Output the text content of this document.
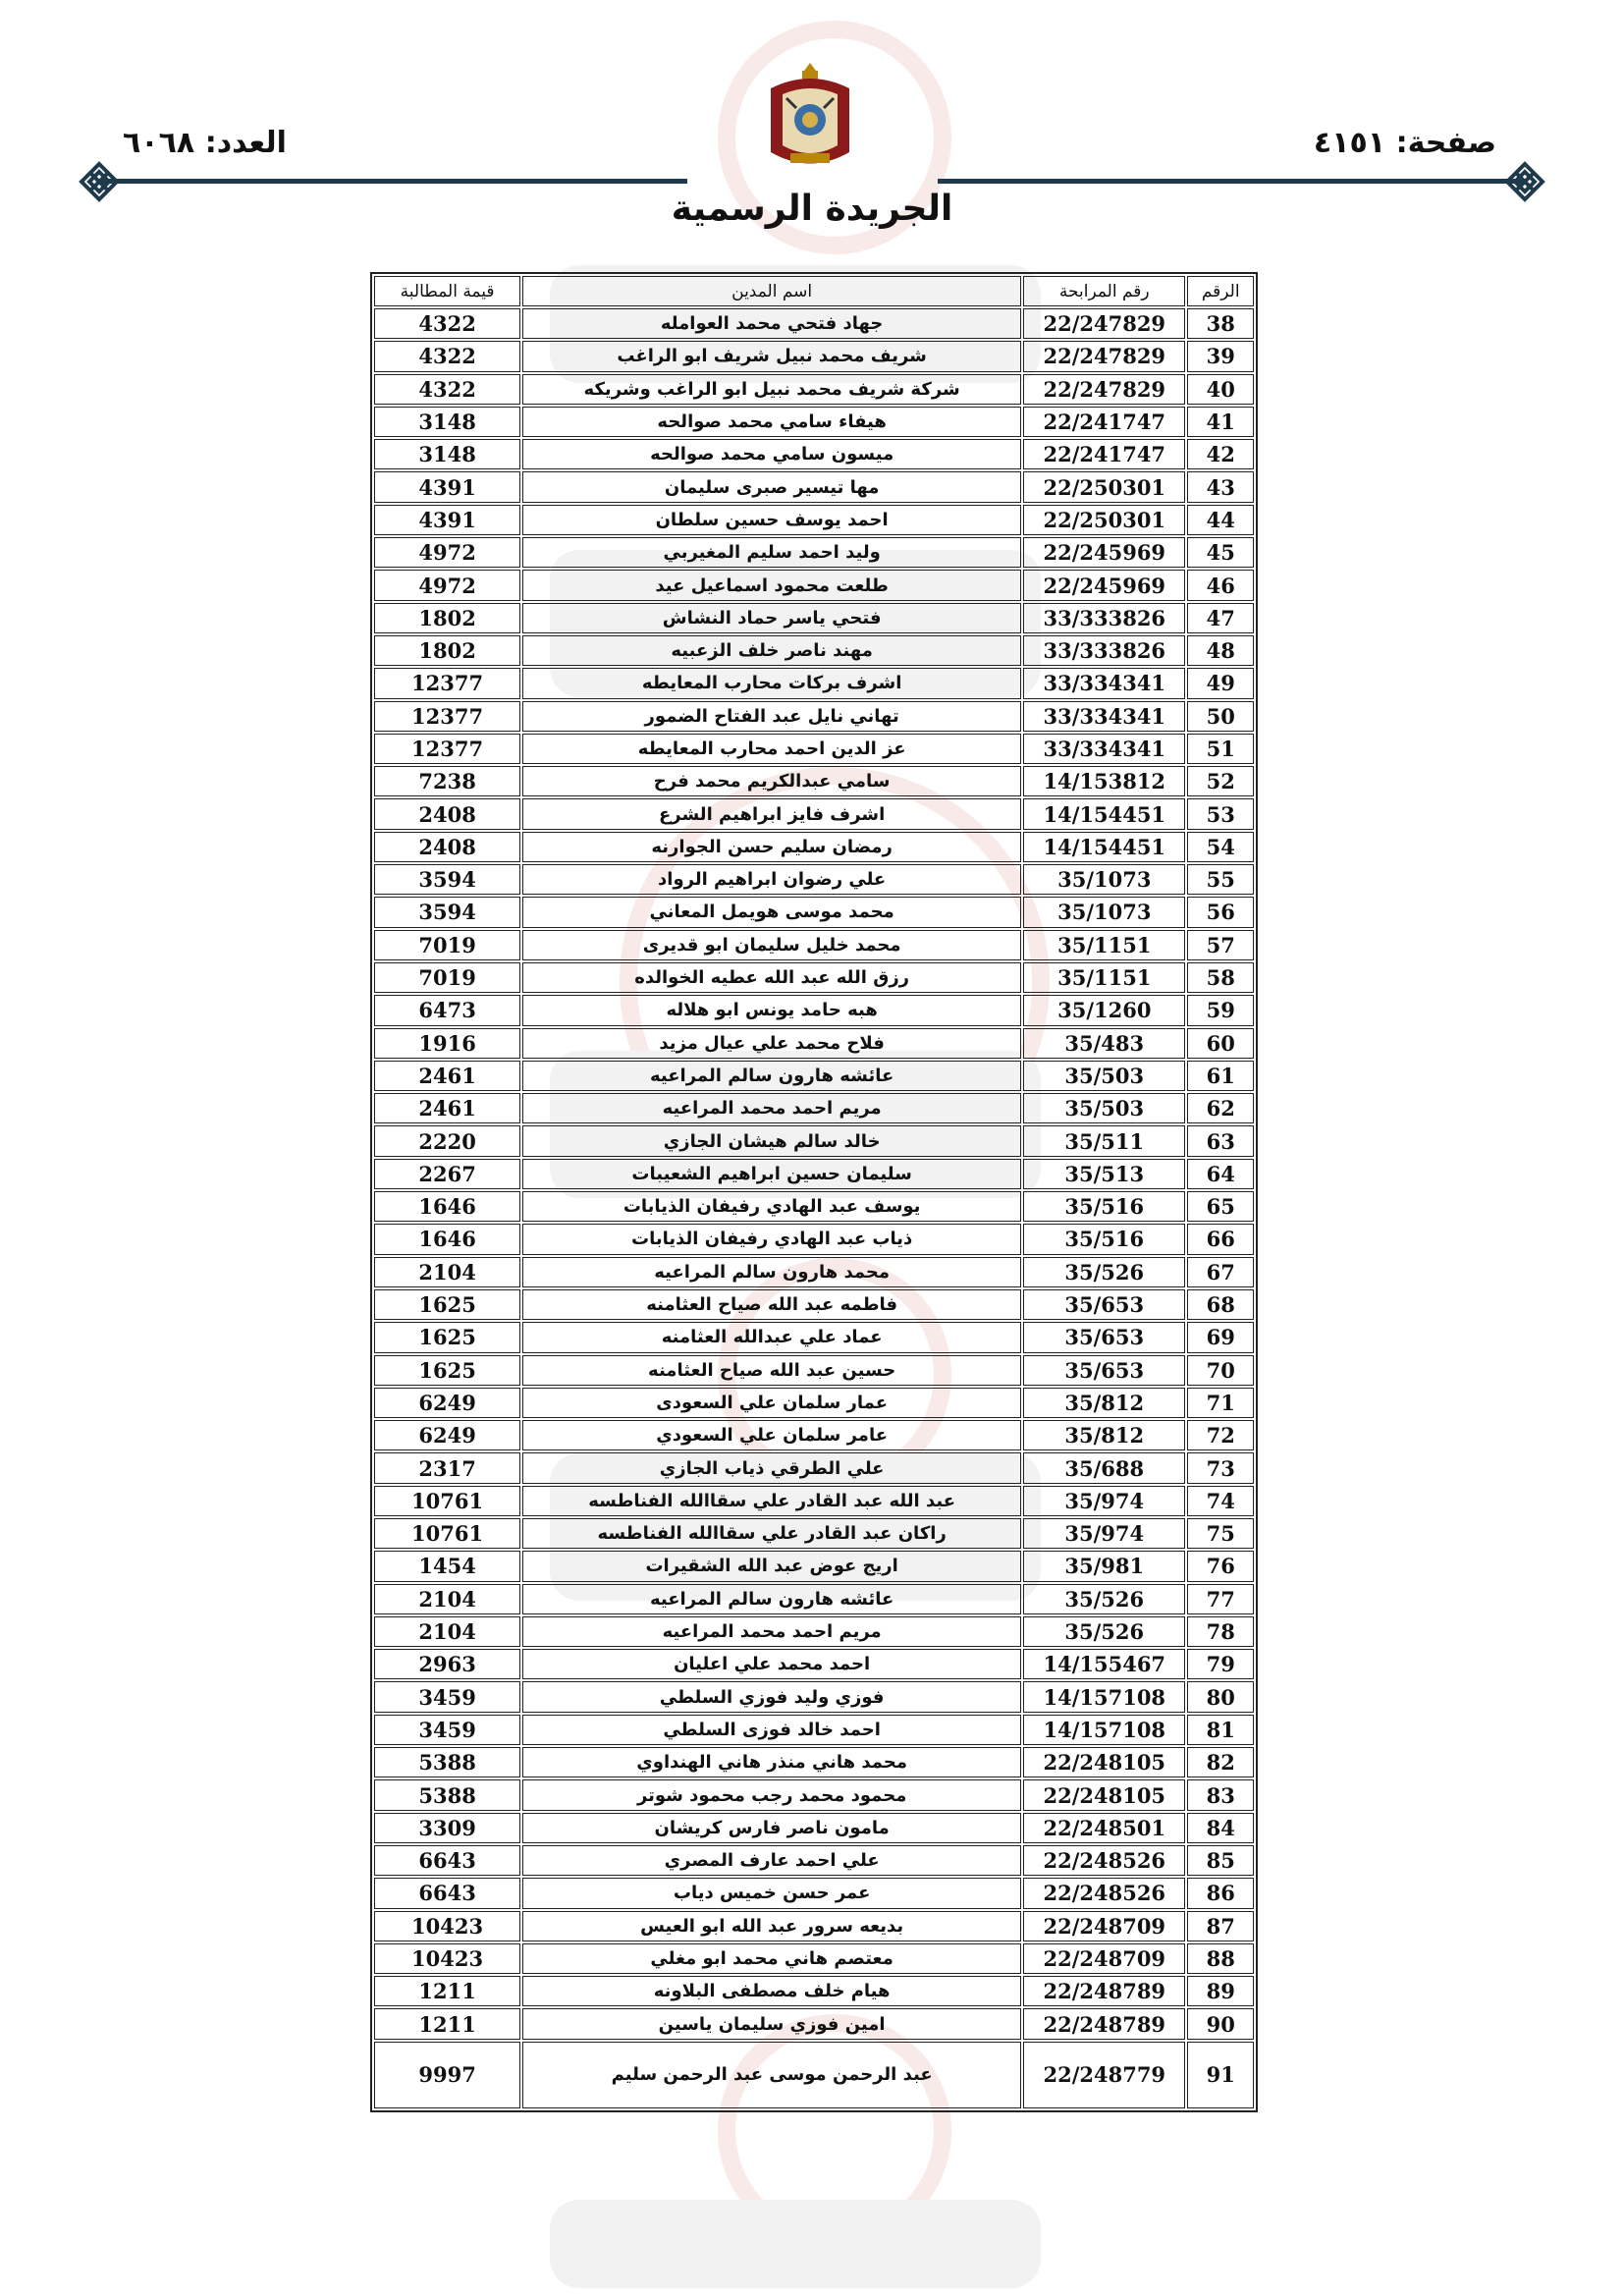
صفحة: ٤١٥١
العدد: ٦٠٦٨
الجريدة الرسمية
الرقم	رقم المرابحة	اسم المدين	قيمة المطالبة
38	22/247829	جهاد فتحي محمد العوامله	4322
39	22/247829	شريف محمد نبيل شريف ابو الراغب	4322
40	22/247829	شركة شريف محمد نبيل ابو الراغب وشريكه	4322
41	22/241747	هيفاء سامي محمد صوالحه	3148
42	22/241747	ميسون سامي محمد صوالحه	3148
43	22/250301	مها تيسير صبرى سليمان	4391
44	22/250301	احمد يوسف حسين سلطان	4391
45	22/245969	وليد احمد سليم المغيربي	4972
46	22/245969	طلعت محمود اسماعيل عيد	4972
47	33/333826	فتحي ياسر حماد النشاش	1802
48	33/333826	مهند ناصر خلف الزعبيه	1802
49	33/334341	اشرف بركات محارب المعايطه	12377
50	33/334341	تهاني نايل عبد الفتاح الضمور	12377
51	33/334341	عز الدين احمد محارب المعايطه	12377
52	14/153812	سامي عبدالكريم محمد فرح	7238
53	14/154451	اشرف فايز ابراهيم الشرع	2408
54	14/154451	رمضان سليم حسن الجوارنه	2408
55	35/1073	علي رضوان ابراهيم الرواد	3594
56	35/1073	محمد موسى هويمل المعاني	3594
57	35/1151	محمد خليل سليمان ابو قديرى	7019
58	35/1151	رزق الله عبد الله عطيه الخوالده	7019
59	35/1260	هبه حامد يونس ابو هلاله	6473
60	35/483	فلاح محمد علي عيال مزيد	1916
61	35/503	عائشه هارون سالم المراعيه	2461
62	35/503	مريم احمد محمد المراعيه	2461
63	35/511	خالد سالم هيشان الجازي	2220
64	35/513	سليمان حسين ابراهيم الشعيبات	2267
65	35/516	يوسف عبد الهادي رفيفان الذيابات	1646
66	35/516	ذياب عبد الهادي رفيفان الذيابات	1646
67	35/526	محمد هارون سالم المراعيه	2104
68	35/653	فاطمه عبد الله صياح العثامنه	1625
69	35/653	عماد علي عبدالله العثامنه	1625
70	35/653	حسين عبد الله صياح العثامنه	1625
71	35/812	عمار سلمان علي السعودى	6249
72	35/812	عامر سلمان علي السعودي	6249
73	35/688	علي الطرقي ذياب الجازي	2317
74	35/974	عبد الله عبد القادر علي سقاالله الفناطسه	10761
75	35/974	راكان عبد القادر علي سقاالله الفناطسه	10761
76	35/981	اريج عوض عبد الله الشقيرات	1454
77	35/526	عائشه هارون سالم المراعيه	2104
78	35/526	مريم احمد محمد المراعيه	2104
79	14/155467	احمد محمد علي اعليان	2963
80	14/157108	فوزي وليد فوزي السلطي	3459
81	14/157108	احمد خالد فوزى السلطي	3459
82	22/248105	محمد هاني منذر هاني الهنداوي	5388
83	22/248105	محمود محمد رجب محمود شوتر	5388
84	22/248501	مامون ناصر فارس كريشان	3309
85	22/248526	علي احمد عارف المصري	6643
86	22/248526	عمر حسن خميس دياب	6643
87	22/248709	بديعه سرور عبد الله ابو العيس	10423
88	22/248709	معتصم هاني محمد ابو مغلي	10423
89	22/248789	هيام خلف مصطفى البلاونه	1211
90	22/248789	امين فوزي سليمان ياسين	1211
91	22/248779	عبد الرحمن موسى عبد الرحمن سليم	9997
